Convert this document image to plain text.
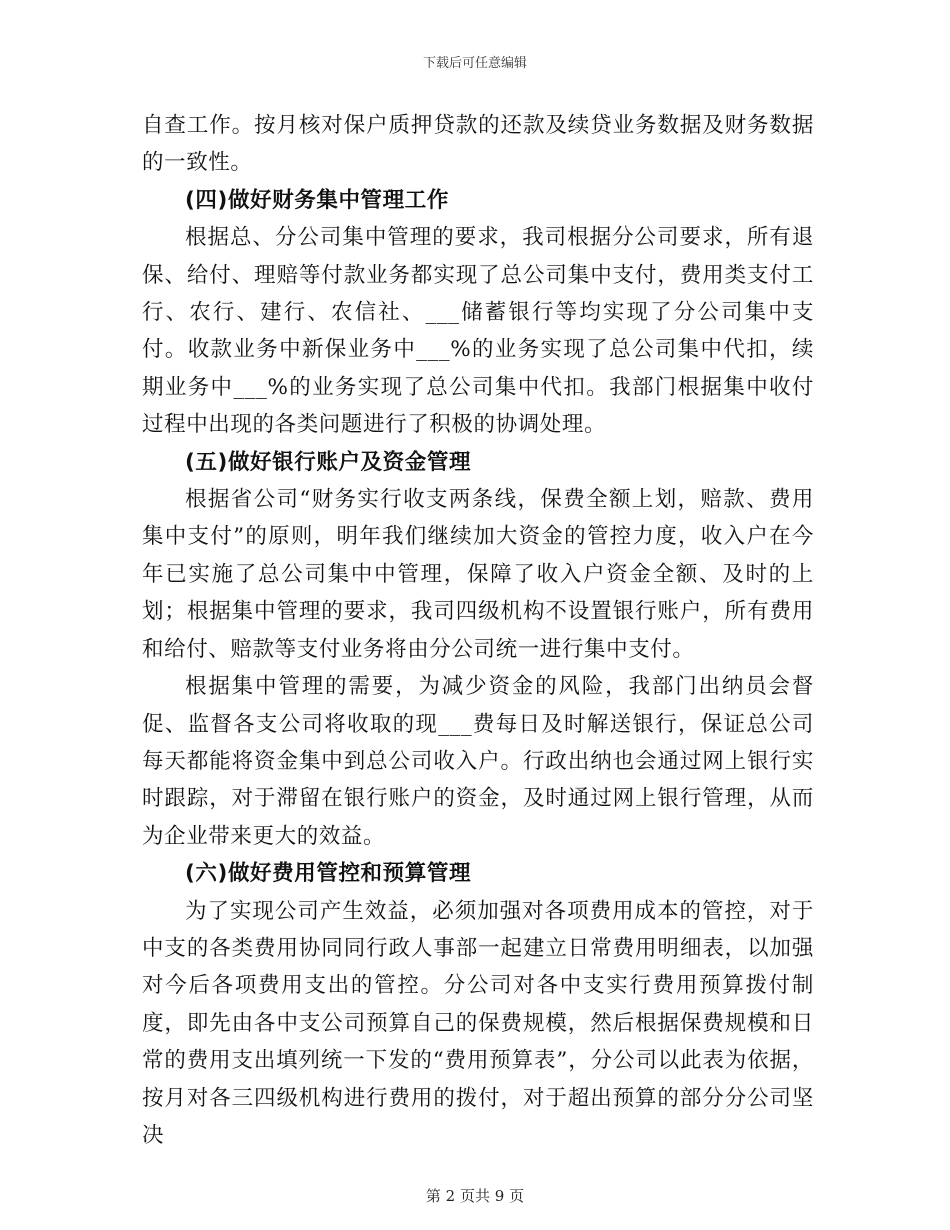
下载后可任意编辑

自查工作。按月核对保户质押贷款的还款及续贷业务数据及财务数据的一致性。

(四)做好财务集中管理工作

根据总、分公司集中管理的要求，我司根据分公司要求，所有退保、给付、理赔等付款业务都实现了总公司集中支付，费用类支付工行、农行、建行、农信社、___储蓄银行等均实现了分公司集中支付。收款业务中新保业务中___%的业务实现了总公司集中代扣，续期业务中___%的业务实现了总公司集中代扣。我部门根据集中收付过程中出现的各类问题进行了积极的协调处理。

(五)做好银行账户及资金管理

根据省公司“财务实行收支两条线，保费全额上划，赔款、费用集中支付”的原则，明年我们继续加大资金的管控力度，收入户在今年已实施了总公司集中中管理，保障了收入户资金全额、及时的上划；根据集中管理的要求，我司四级机构不设置银行账户，所有费用和给付、赔款等支付业务将由分公司统一进行集中支付。

根据集中管理的需要，为减少资金的风险，我部门出纳员会督促、监督各支公司将收取的现___费每日及时解送银行，保证总公司每天都能将资金集中到总公司收入户。行政出纳也会通过网上银行实时跟踪，对于滞留在银行账户的资金，及时通过网上银行管理，从而为企业带来更大的效益。

(六)做好费用管控和预算管理

为了实现公司产生效益，必须加强对各项费用成本的管控，对于中支的各类费用协同同行政人事部一起建立日常费用明细表，以加强对今后各项费用支出的管控。分公司对各中支实行费用预算拨付制度，即先由各中支公司预算自己的保费规模，然后根据保费规模和日常的费用支出填列统一下发的“费用预算表”，分公司以此表为依据，按月对各三四级机构进行费用的拨付，对于超出预算的部分分公司坚决

第 2 页共 9 页
